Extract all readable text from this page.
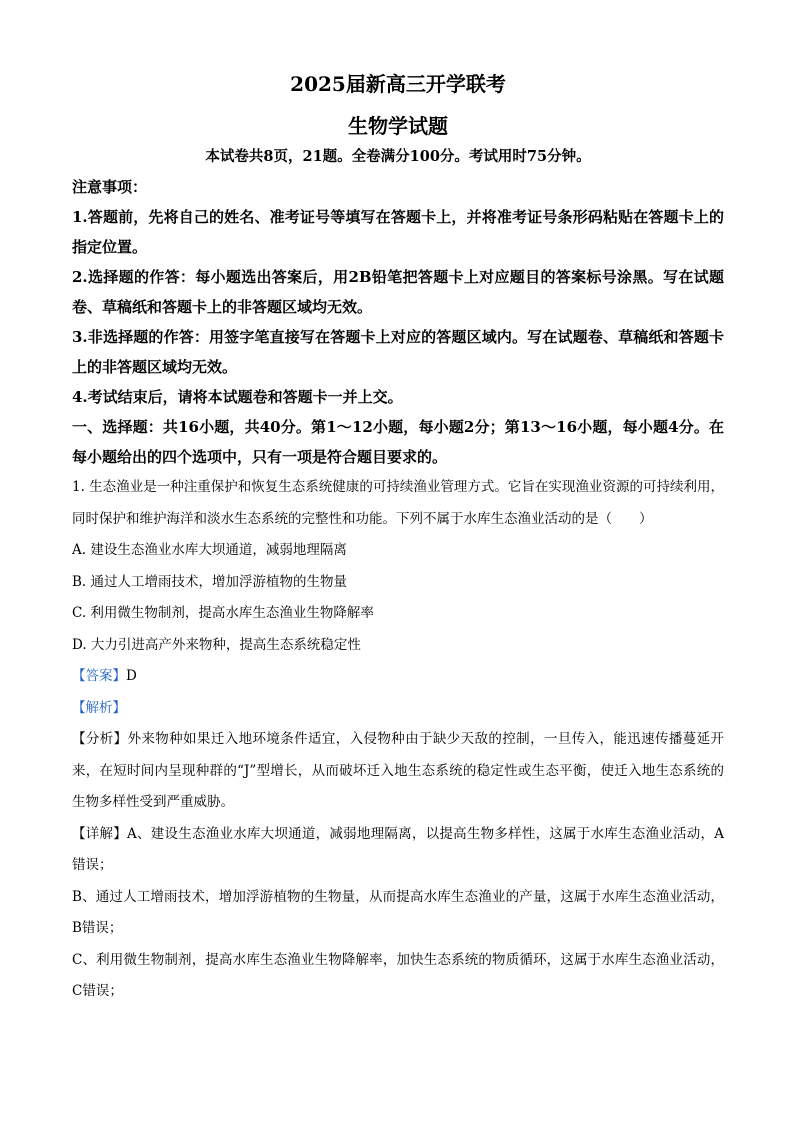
2025届新高三开学联考
生物学试题
本试卷共8页，21题。全卷满分100分。考试用时75分钟。

注意事项：

1.答题前，先将自己的姓名、准考证号等填写在答题卡上，并将准考证号条形码粘贴在答题卡上的指定位置。

2.选择题的作答：每小题选出答案后，用2B铅笔把答题卡上对应题目的答案标号涂黑。写在试题卷、草稿纸和答题卡上的非答题区域均无效。

3.非选择题的作答：用签字笔直接写在答题卡上对应的答题区域内。写在试题卷、草稿纸和答题卡上的非答题区域均无效。

4.考试结束后，请将本试题卷和答题卡一并上交。

一、选择题：共16小题，共40分。第1～12小题，每小题2分；第13～16小题，每小题4分。在每小题给出的四个选项中，只有一项是符合题目要求的。

1. 生态渔业是一种注重保护和恢复生态系统健康的可持续渔业管理方式。它旨在实现渔业资源的可持续利用，同时保护和维护海洋和淡水生态系统的完整性和功能。下列不属于水库生态渔业活动的是（　　）

A. 建设生态渔业水库大坝通道，减弱地理隔离

B. 通过人工增雨技术，增加浮游植物的生物量

C. 利用微生物制剂，提高水库生态渔业生物降解率

D. 大力引进高产外来物种，提高生态系统稳定性

【答案】D

【解析】

【分析】外来物种如果迁入地环境条件适宜，入侵物种由于缺少天敌的控制，一旦传入，能迅速传播蔓延开来，在短时间内呈现种群的“J”型增长，从而破坏迁入地生态系统的稳定性或生态平衡，使迁入地生态系统的生物多样性受到严重威胁。

【详解】A、建设生态渔业水库大坝通道，减弱地理隔离，以提高生物多样性，这属于水库生态渔业活动，A错误；

B、通过人工增雨技术，增加浮游植物的生物量，从而提高水库生态渔业的产量，这属于水库生态渔业活动，B错误；

C、利用微生物制剂，提高水库生态渔业生物降解率，加快生态系统的物质循环，这属于水库生态渔业活动，C错误；
